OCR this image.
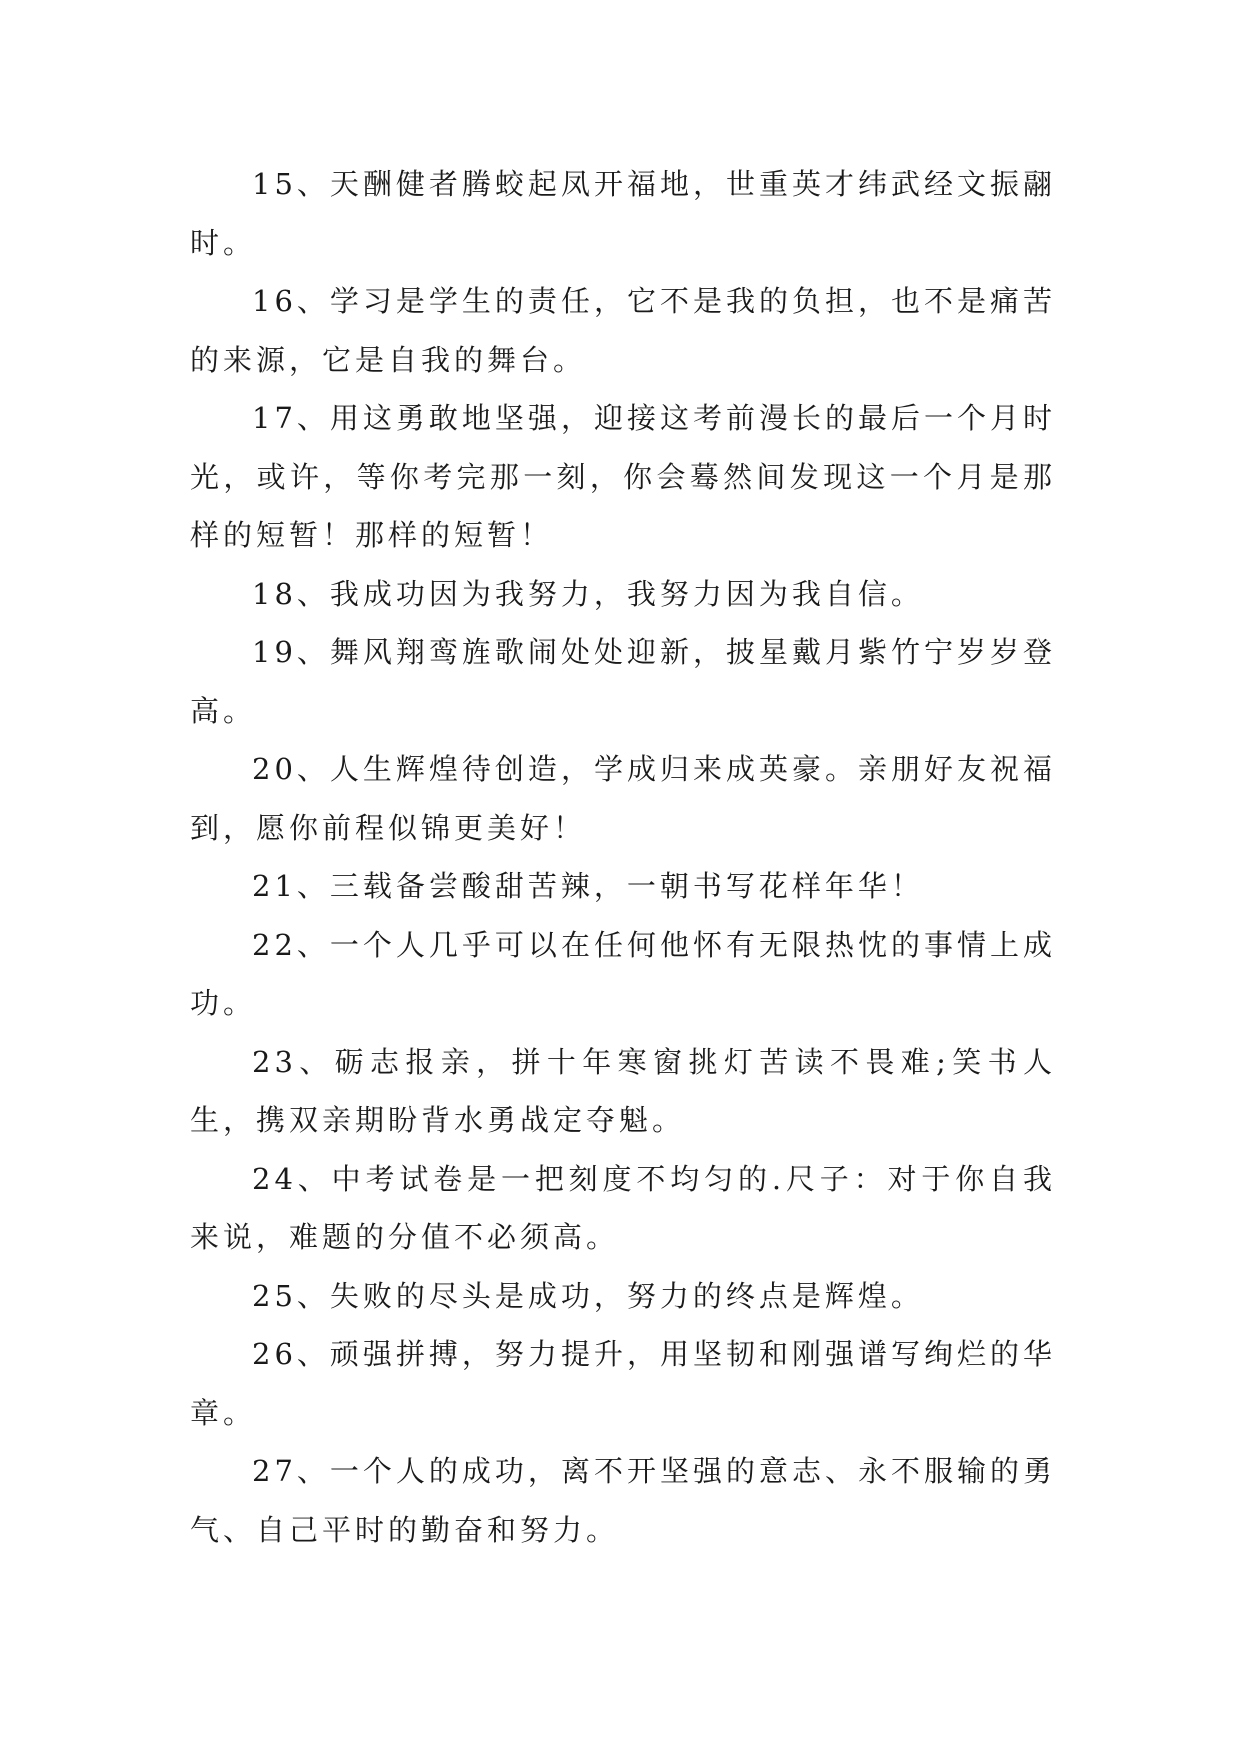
15、天酬健者腾蛟起凤开福地，世重英才纬武经文振翮时。

16、学习是学生的责任，它不是我的负担，也不是痛苦的来源，它是自我的舞台。

17、用这勇敢地坚强，迎接这考前漫长的最后一个月时光，或许，等你考完那一刻，你会蓦然间发现这一个月是那样的短暂！那样的短暂！

18、我成功因为我努力，我努力因为我自信。

19、舞风翔鸾旌歌闹处处迎新，披星戴月紫竹宁岁岁登高。

20、人生辉煌待创造，学成归来成英豪。亲朋好友祝福到，愿你前程似锦更美好！

21、三载备尝酸甜苦辣，一朝书写花样年华！

22、一个人几乎可以在任何他怀有无限热忱的事情上成功。

23、砺志报亲，拼十年寒窗挑灯苦读不畏难;笑书人生，携双亲期盼背水勇战定夺魁。

24、中考试卷是一把刻度不均匀的.尺子：对于你自我来说，难题的分值不必须高。

25、失败的尽头是成功，努力的终点是辉煌。

26、顽强拼搏，努力提升，用坚韧和刚强谱写绚烂的华章。

27、一个人的成功，离不开坚强的意志、永不服输的勇气、自己平时的勤奋和努力。
